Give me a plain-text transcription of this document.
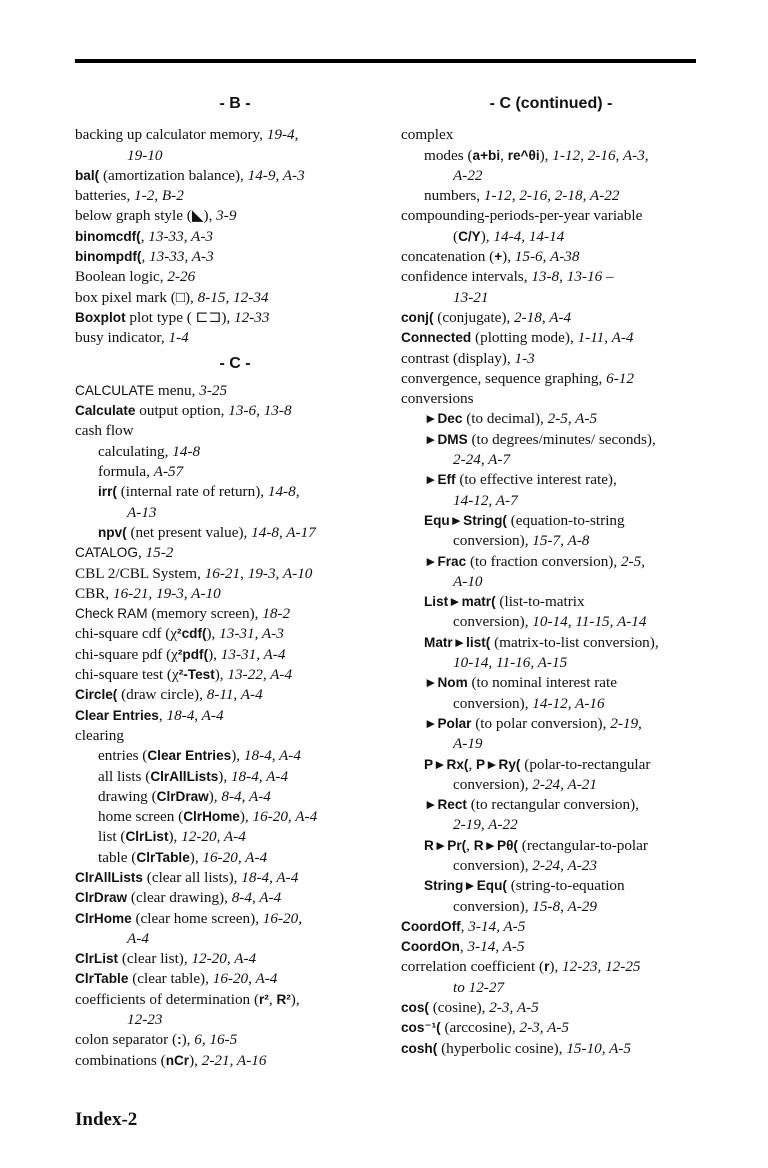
- B -
backing up calculator memory, 19-4,
19-10
bal( (amortization balance), 14-9, A-3
batteries, 1-2, B-2
below graph style (◣), 3-9
binomcdf(, 13-33, A-3
binompdf(, 13-33, A-3
Boolean logic, 2-26
box pixel mark (□), 8-15, 12-34
Boxplot plot type ( ⊏⊐), 12-33
busy indicator, 1-4
- C -
CALCULATE menu, 3-25
Calculate output option, 13-6, 13-8
cash flow
calculating, 14-8
formula, A-57
irr( (internal rate of return), 14-8,
A-13
npv( (net present value), 14-8, A-17
CATALOG, 15-2
CBL 2/CBL System, 16-21, 19-3, A-10
CBR, 16-21, 19-3, A-10
Check RAM (memory screen), 18-2
chi-square cdf (χ²cdf(), 13-31, A-3
chi-square pdf (χ²pdf(), 13-31, A-4
chi-square test (χ²-Test), 13-22, A-4
Circle( (draw circle), 8-11, A-4
Clear Entries, 18-4, A-4
clearing
entries (Clear Entries), 18-4, A-4
all lists (ClrAllLists), 18-4, A-4
drawing (ClrDraw), 8-4, A-4
home screen (ClrHome), 16-20, A-4
list (ClrList), 12-20, A-4
table (ClrTable), 16-20, A-4
ClrAllLists (clear all lists), 18-4, A-4
ClrDraw (clear drawing), 8-4, A-4
ClrHome (clear home screen), 16-20,
A-4
ClrList (clear list), 12-20, A-4
ClrTable (clear table), 16-20, A-4
coefficients of determination (r², R²),
12-23
colon separator (:), 6, 16-5
combinations (nCr), 2-21, A-16
- C (continued) -
complex
modes (a+bi, re^θi), 1-12, 2-16, A-3,
A-22
numbers, 1-12, 2-16, 2-18, A-22
compounding-periods-per-year variable
(C/Y), 14-4, 14-14
concatenation (+), 15-6, A-38
confidence intervals, 13-8, 13-16 –
13-21
conj( (conjugate), 2-18, A-4
Connected (plotting mode), 1-11, A-4
contrast (display), 1-3
convergence, sequence graphing, 6-12
conversions
►Dec (to decimal), 2-5, A-5
►DMS (to degrees/minutes/ seconds),
2-24, A-7
►Eff (to effective interest rate),
14-12, A-7
Equ►String( (equation-to-string
conversion), 15-7, A-8
►Frac (to fraction conversion), 2-5,
A-10
List►matr( (list-to-matrix
conversion), 10-14, 11-15, A-14
Matr►list( (matrix-to-list conversion),
10-14, 11-16, A-15
►Nom (to nominal interest rate
conversion), 14-12, A-16
►Polar (to polar conversion), 2-19,
A-19
P►Rx(, P►Ry( (polar-to-rectangular
conversion), 2-24, A-21
►Rect (to rectangular conversion),
2-19, A-22
R►Pr(, R►Pθ( (rectangular-to-polar
conversion), 2-24, A-23
String►Equ( (string-to-equation
conversion), 15-8, A-29
CoordOff, 3-14, A-5
CoordOn, 3-14, A-5
correlation coefficient (r), 12-23, 12-25
to 12-27
cos( (cosine), 2-3, A-5
cos⁻¹( (arccosine), 2-3, A-5
cosh( (hyperbolic cosine), 15-10, A-5
Index-2
